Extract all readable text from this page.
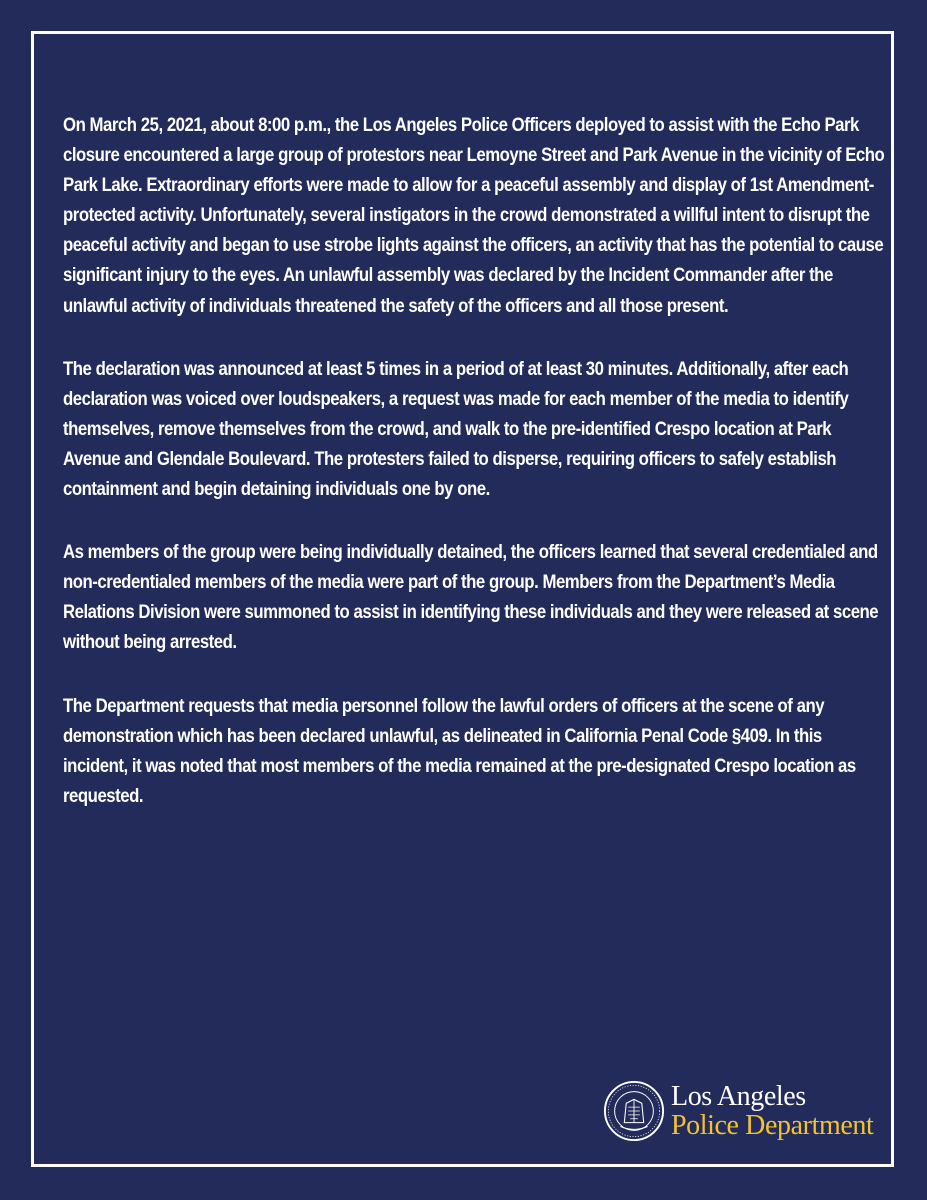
On March 25, 2021, about 8:00 p.m., the Los Angeles Police Officers deployed to assist with the Echo Park closure encountered a large group of protestors near Lemoyne Street and Park Avenue in the vicinity of Echo Park Lake. Extraordinary efforts were made to allow for a peaceful assembly and display of 1st Amendment-protected activity. Unfortunately, several instigators in the crowd demonstrated a willful intent to disrupt the peaceful activity and began to use strobe lights against the officers, an activity that has the potential to cause significant injury to the eyes. An unlawful assembly was declared by the Incident Commander after the unlawful activity of individuals threatened the safety of the officers and all those present.

The declaration was announced at least 5 times in a period of at least 30 minutes. Additionally, after each declaration was voiced over loudspeakers, a request was made for each member of the media to identify themselves, remove themselves from the crowd, and walk to the pre-identified Crespo location at Park Avenue and Glendale Boulevard. The protesters failed to disperse, requiring officers to safely establish containment and begin detaining individuals one by one.

As members of the group were being individually detained, the officers learned that several credentialed and non-credentialed members of the media were part of the group. Members from the Department’s Media Relations Division were summoned to assist in identifying these individuals and they were released at scene without being arrested.

The Department requests that media personnel follow the lawful orders of officers at the scene of any demonstration which has been declared unlawful, as delineated in California Penal Code §409. In this incident, it was noted that most members of the media remained at the pre-designated Crespo location as requested.

Los Angeles
Police Department
